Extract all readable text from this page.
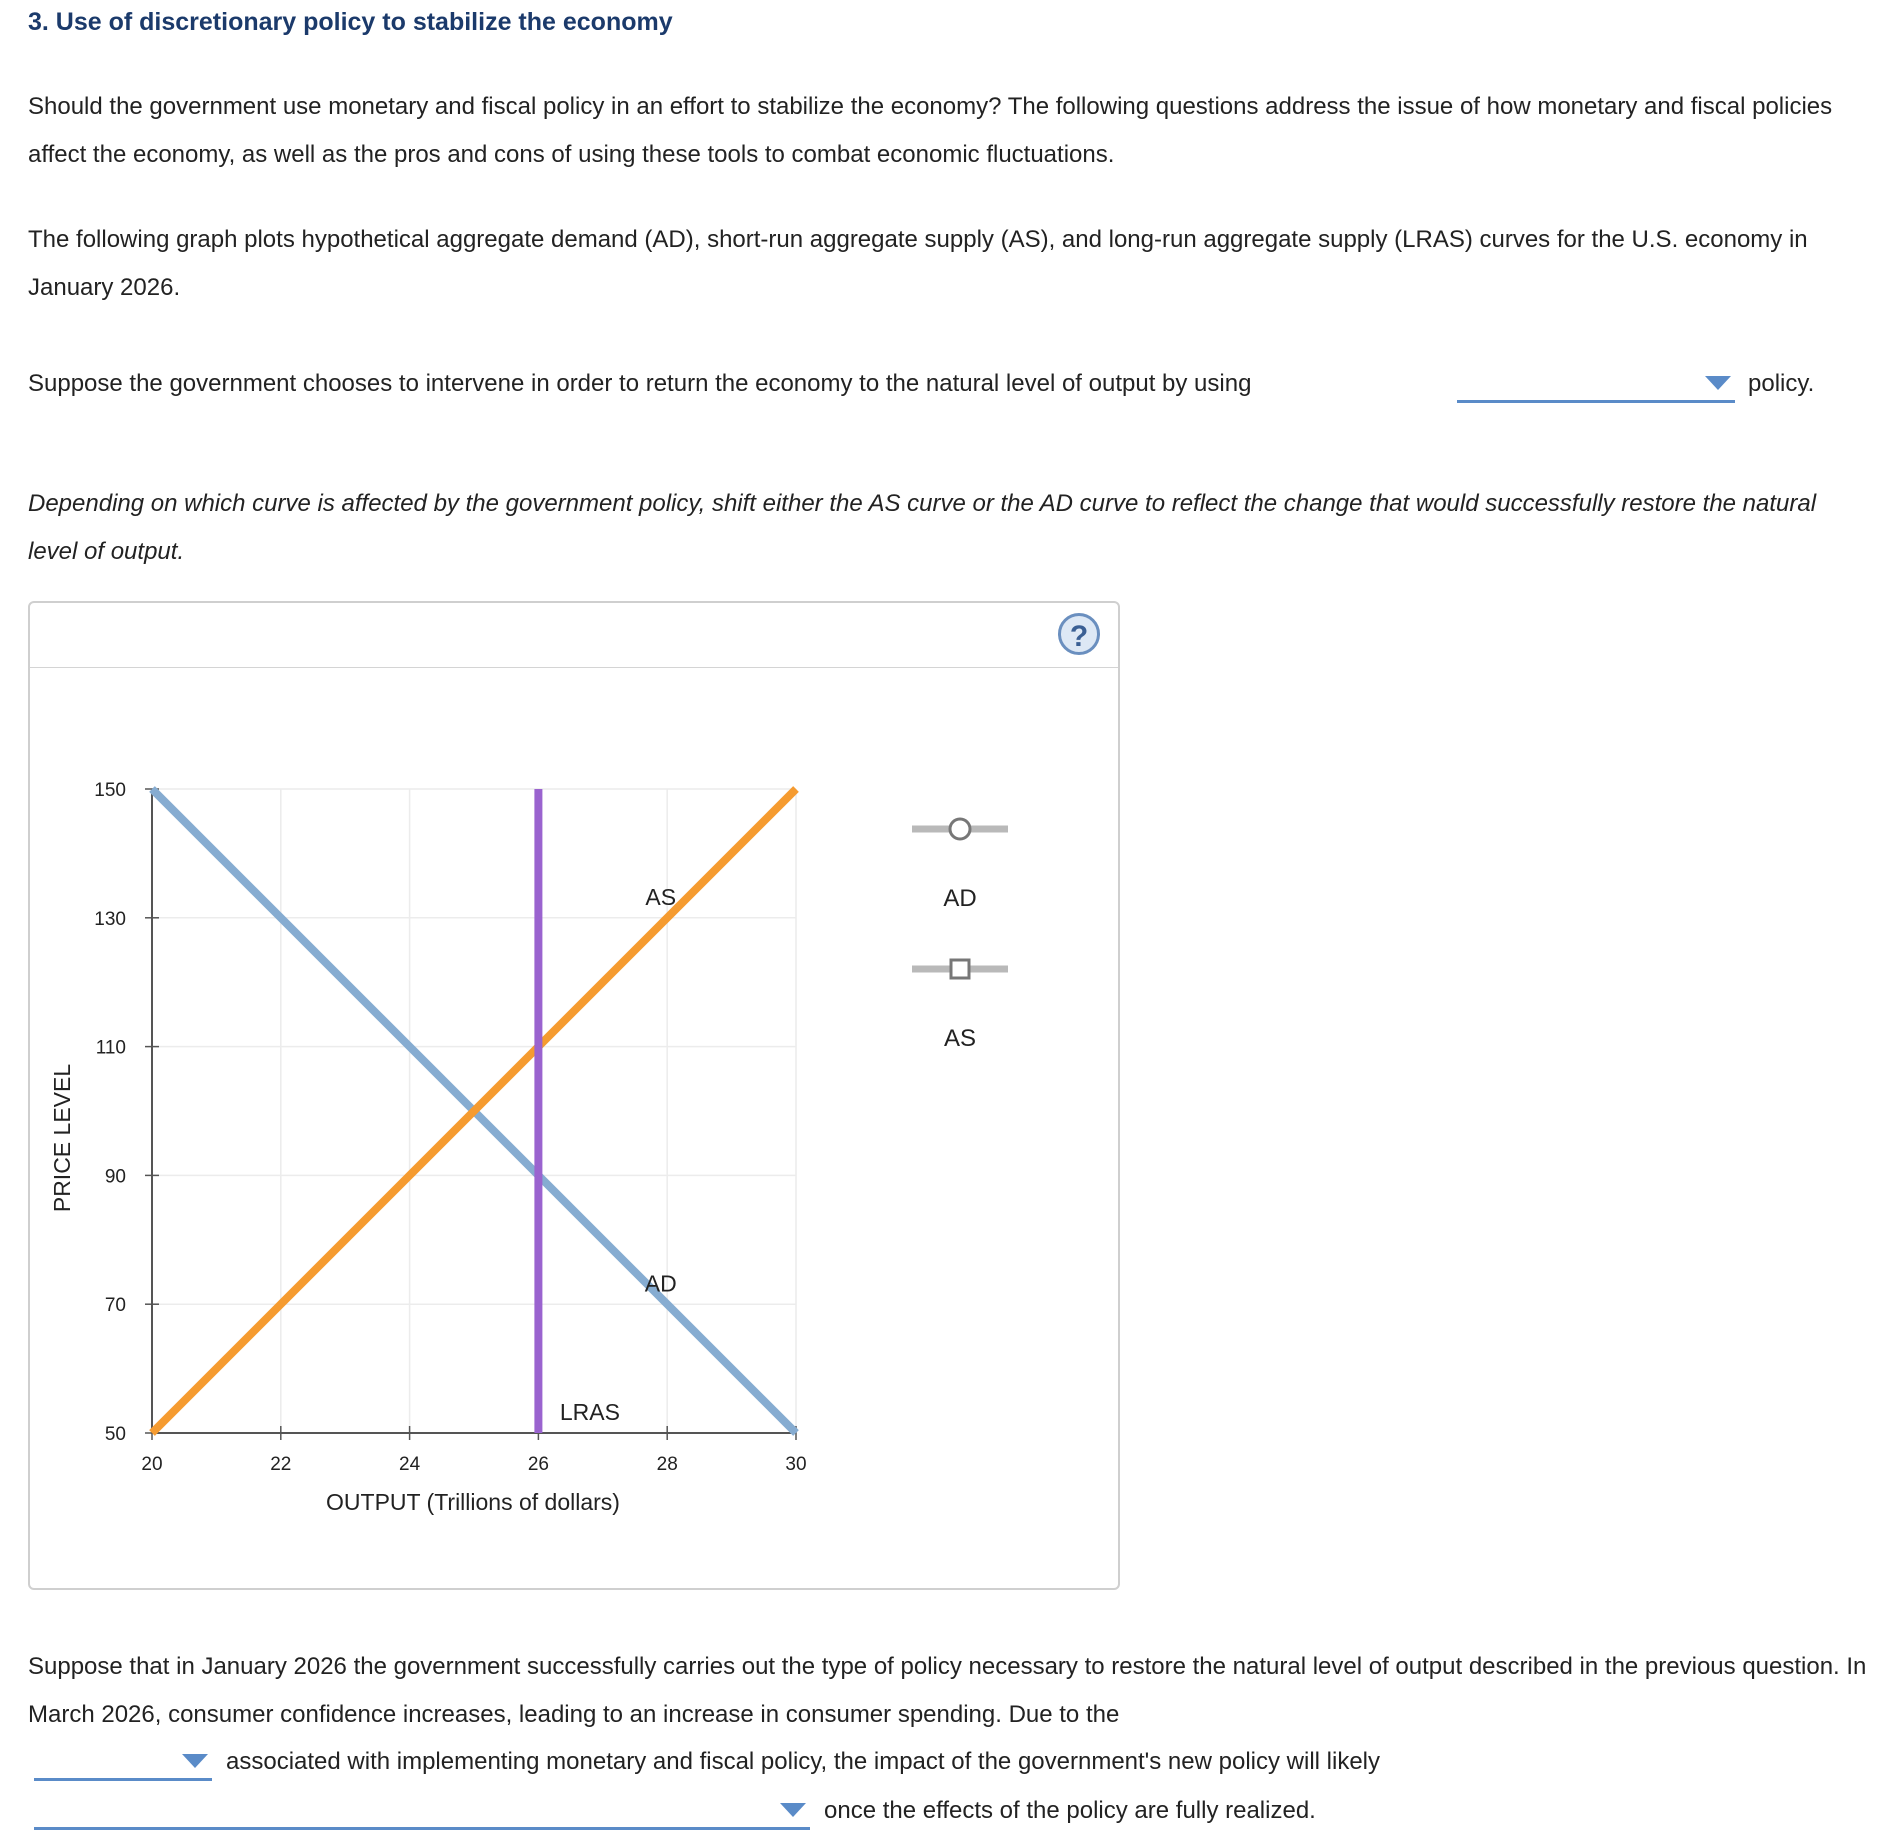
3. Use of discretionary policy to stabilize the economy
Should the government use monetary and fiscal policy in an effort to stabilize the economy? The following questions address the issue of how monetary and fiscal policies affect the economy, as well as the pros and cons of using these tools to combat economic fluctuations.
The following graph plots hypothetical aggregate demand (AD), short-run aggregate supply (AS), and long-run aggregate supply (LRAS) curves for the U.S. economy in January 2026.
Suppose the government chooses to intervene in order to return the economy to the natural level of output by using	policy.
Depending on which curve is affected by the government policy, shift either the AS curve or the AD curve to reflect the change that would successfully restore the natural level of output.
?
20	22	24	26	28	30
50
70
90
110
130
150
AD
AS
LRAS
OUTPUT (Trillions of dollars)
PRICE LEVEL
AD
AS
Suppose that in January 2026 the government successfully carries out the type of policy necessary to restore the natural level of output described in the previous question. In March 2026, consumer confidence increases, leading to an increase in consumer spending. Due to the
associated with implementing monetary and fiscal policy, the impact of the government's new policy will likely
once the effects of the policy are fully realized.
